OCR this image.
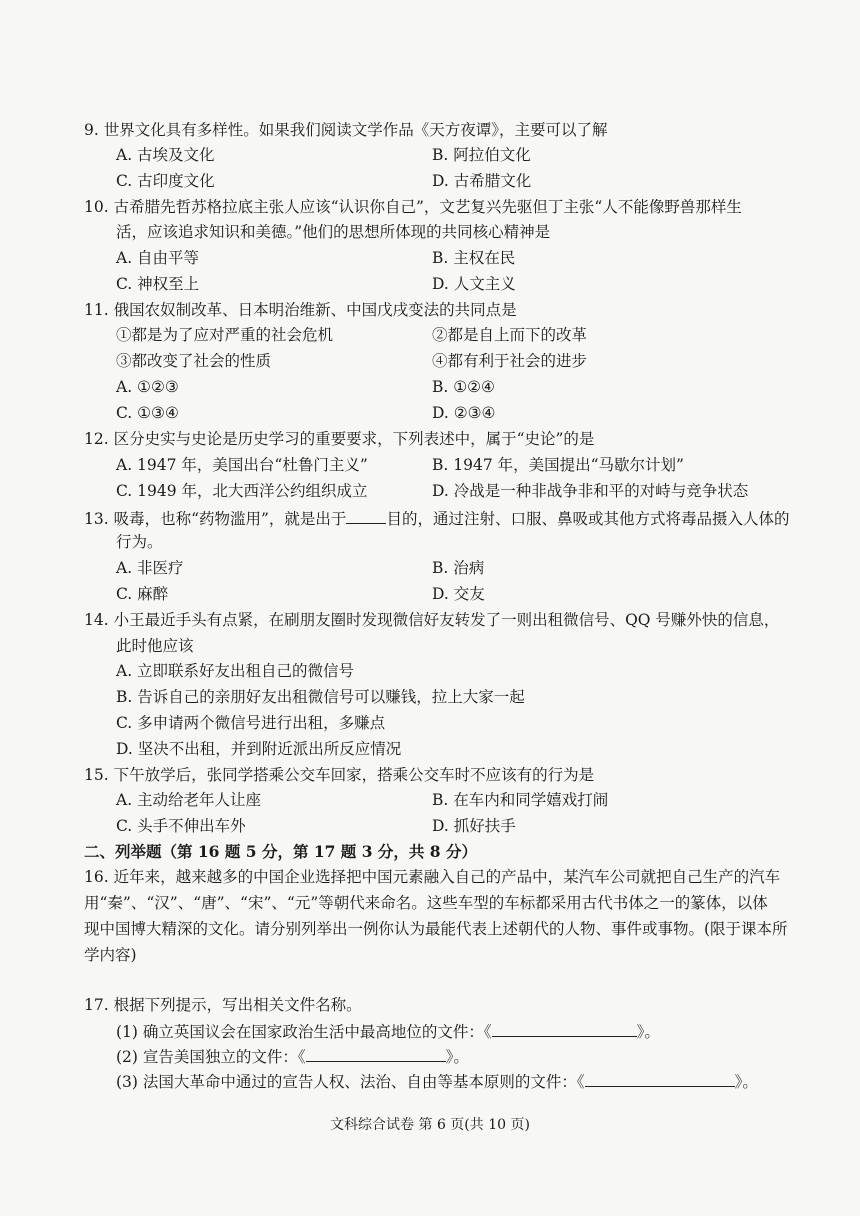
9. 世界文化具有多样性。如果我们阅读文学作品《天方夜谭》，主要可以了解
A. 古埃及文化	B. 阿拉伯文化
C. 古印度文化	D. 古希腊文化
10. 古希腊先哲苏格拉底主张人应该“认识你自己”，文艺复兴先驱但丁主张“人不能像野兽那样生
活，应该追求知识和美德。”他们的思想所体现的共同核心精神是
A. 自由平等	B. 主权在民
C. 神权至上	D. 人文主义
11. 俄国农奴制改革、日本明治维新、中国戊戌变法的共同点是
①都是为了应对严重的社会危机	②都是自上而下的改革
③都改变了社会的性质	④都有利于社会的进步
A. ①②③	B. ①②④
C. ①③④	D. ②③④
12. 区分史实与史论是历史学习的重要要求，下列表述中，属于“史论”的是
A. 1947 年，美国出台“杜鲁门主义”	B. 1947 年，美国提出“马歇尔计划”
C. 1949 年，北大西洋公约组织成立	D. 冷战是一种非战争非和平的对峙与竞争状态
13. 吸毒，也称“药物滥用”，就是出于	目的，通过注射、口服、鼻吸或其他方式将毒品摄入人体的
行为。
A. 非医疗	B. 治病
C. 麻醉	D. 交友
14. 小王最近手头有点紧，在刷朋友圈时发现微信好友转发了一则出租微信号、QQ 号赚外快的信息，
此时他应该
A. 立即联系好友出租自己的微信号
B. 告诉自己的亲朋好友出租微信号可以赚钱，拉上大家一起
C. 多申请两个微信号进行出租，多赚点
D. 坚决不出租，并到附近派出所反应情况
15. 下午放学后，张同学搭乘公交车回家，搭乘公交车时不应该有的行为是
A. 主动给老年人让座	B. 在车内和同学嬉戏打闹
C. 头手不伸出车外	D. 抓好扶手
二、列举题（第 16 题 5 分，第 17 题 3 分，共 8 分）
16. 近年来，越来越多的中国企业选择把中国元素融入自己的产品中，某汽车公司就把自己生产的汽车
用“秦”、“汉”、“唐”、“宋”、“元”等朝代来命名。这些车型的车标都采用古代书体之一的篆体，以体
现中国博大精深的文化。请分别列举出一例你认为最能代表上述朝代的人物、事件或事物。(限于课本所
学内容)
17. 根据下列提示，写出相关文件名称。
(1) 确立英国议会在国家政治生活中最高地位的文件：《	》。
(2) 宣告美国独立的文件：《	》。
(3) 法国大革命中通过的宣告人权、法治、自由等基本原则的文件：《	》。
文科综合试卷 第 6 页(共 10 页)
